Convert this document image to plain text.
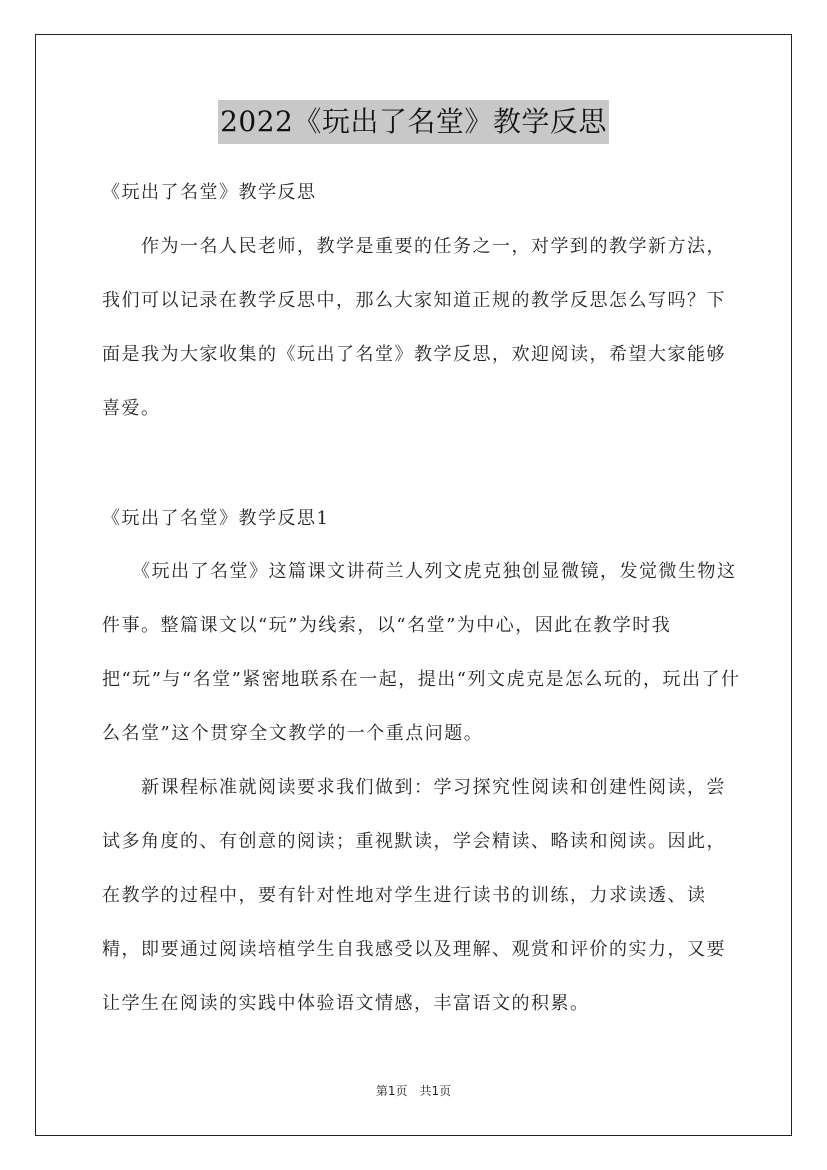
2022《玩出了名堂》教学反思
《玩出了名堂》教学反思
　　作为一名人民老师，教学是重要的任务之一，对学到的教学新方法，我们可以记录在教学反思中，那么大家知道正规的教学反思怎么写吗？下面是我为大家收集的《玩出了名堂》教学反思，欢迎阅读，希望大家能够喜爱。
《玩出了名堂》教学反思1
　　《玩出了名堂》这篇课文讲荷兰人列文虎克独创显微镜，发觉微生物这件事。整篇课文以“玩”为线索，以“名堂”为中心，因此在教学时我把“玩”与“名堂”紧密地联系在一起，提出“列文虎克是怎么玩的，玩出了什么名堂”这个贯穿全文教学的一个重点问题。
　　新课程标准就阅读要求我们做到：学习探究性阅读和创建性阅读，尝试多角度的、有创意的阅读；重视默读，学会精读、略读和阅读。因此，在教学的过程中，要有针对性地对学生进行读书的训练，力求读透、读精，即要通过阅读培植学生自我感受以及理解、观赏和评价的实力，又要让学生在阅读的实践中体验语文情感，丰富语文的积累。
第1页　共1页
